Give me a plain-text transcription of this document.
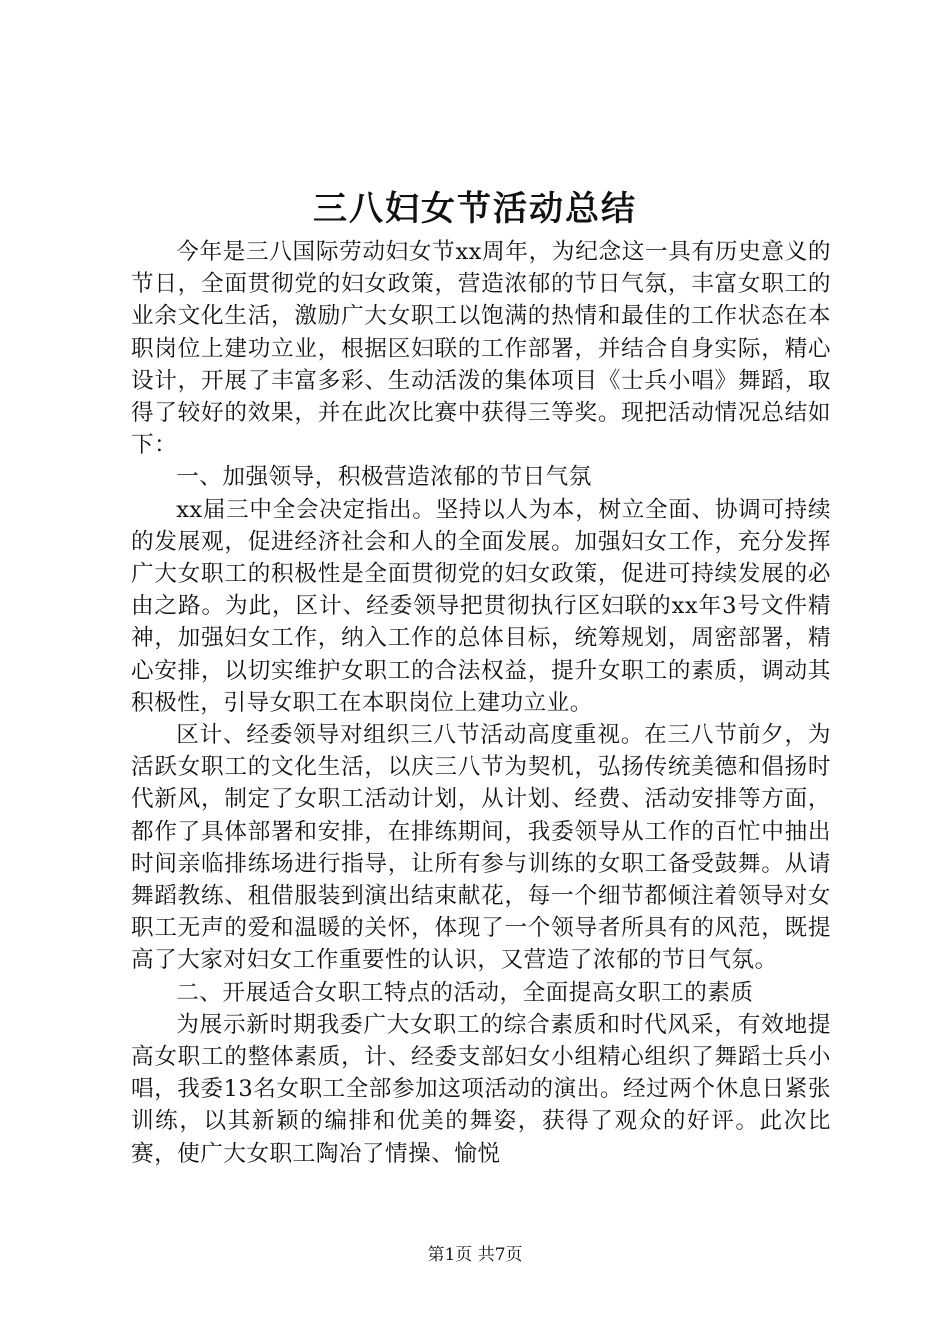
三八妇女节活动总结

今年是三八国际劳动妇女节xx周年，为纪念这一具有历史意义的节日，全面贯彻党的妇女政策，营造浓郁的节日气氛，丰富女职工的业余文化生活，激励广大女职工以饱满的热情和最佳的工作状态在本职岗位上建功立业，根据区妇联的工作部署，并结合自身实际，精心设计，开展了丰富多彩、生动活泼的集体项目《士兵小唱》舞蹈，取得了较好的效果，并在此次比赛中获得三等奖。现把活动情况总结如下：

一、加强领导，积极营造浓郁的节日气氛

xx届三中全会决定指出。坚持以人为本，树立全面、协调可持续的发展观，促进经济社会和人的全面发展。加强妇女工作，充分发挥广大女职工的积极性是全面贯彻党的妇女政策，促进可持续发展的必由之路。为此，区计、经委领导把贯彻执行区妇联的xx年3号文件精神，加强妇女工作，纳入工作的总体目标，统筹规划，周密部署，精心安排，以切实维护女职工的合法权益，提升女职工的素质，调动其积极性，引导女职工在本职岗位上建功立业。

区计、经委领导对组织三八节活动高度重视。在三八节前夕，为活跃女职工的文化生活，以庆三八节为契机，弘扬传统美德和倡扬时代新风，制定了女职工活动计划，从计划、经费、活动安排等方面，都作了具体部署和安排，在排练期间，我委领导从工作的百忙中抽出时间亲临排练场进行指导，让所有参与训练的女职工备受鼓舞。从请舞蹈教练、租借服装到演出结束献花，每一个细节都倾注着领导对女职工无声的爱和温暖的关怀，体现了一个领导者所具有的风范，既提高了大家对妇女工作重要性的认识，又营造了浓郁的节日气氛。

二、开展适合女职工特点的活动，全面提高女职工的素质

为展示新时期我委广大女职工的综合素质和时代风采，有效地提高女职工的整体素质，计、经委支部妇女小组精心组织了舞蹈士兵小唱，我委13名女职工全部参加这项活动的演出。经过两个休息日紧张训练，以其新颖的编排和优美的舞姿，获得了观众的好评。此次比赛，使广大女职工陶冶了情操、愉悦

第1页 共7页
